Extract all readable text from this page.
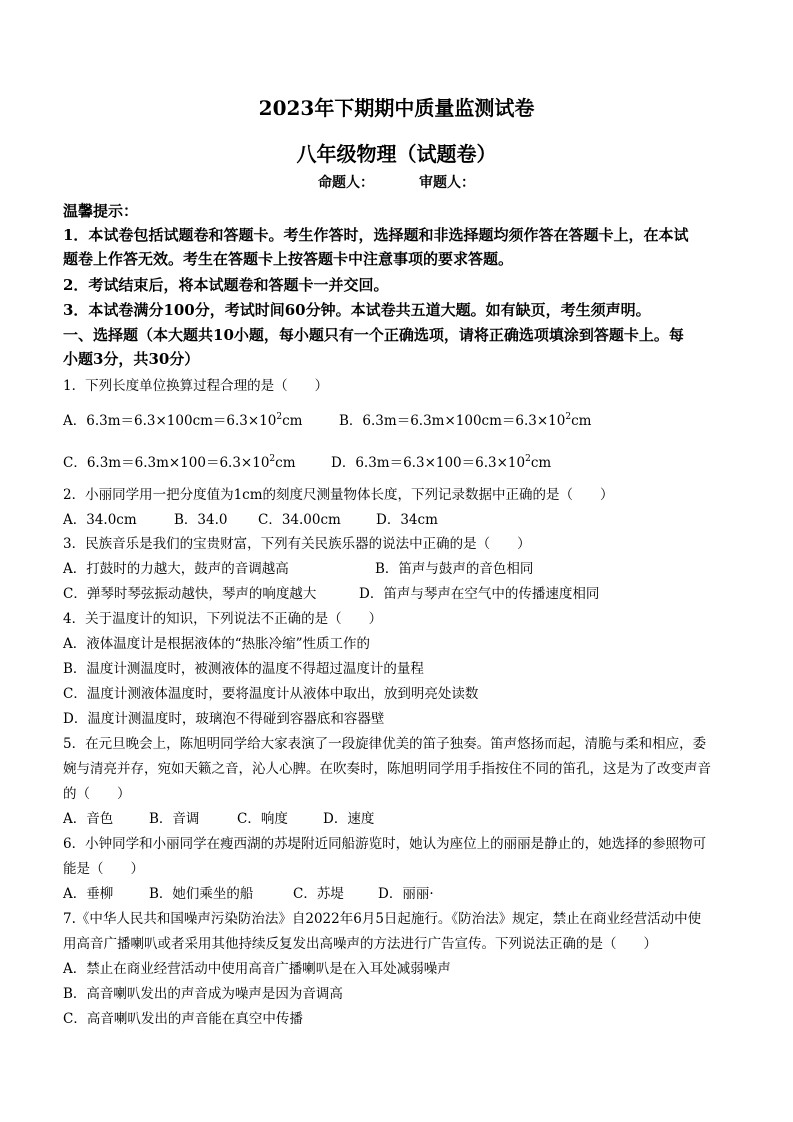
2023年下期期中质量监测试卷
八年级物理（试题卷）
命题人：	审题人：
温馨提示：
1．本试卷包括试题卷和答题卡。考生作答时，选择题和非选择题均须作答在答题卡上，在本试
题卷上作答无效。考生在答题卡上按答题卡中注意事项的要求答题。
2．考试结束后，将本试题卷和答题卡一并交回。
3．本试卷满分100分，考试时间60分钟。本试卷共五道大题。如有缺页，考生须声明。
一、选择题（本大题共10小题，每小题只有一个正确选项，请将正确选项填涂到答题卡上。每
小题3分，共30分）
1．下列长度单位换算过程合理的是（　　）
A．$6.3m=6.3\times 100cm=6.3\times 10^2cm$	B．$6.3m=6.3m\times 100cm=6.3\times 10^2cm$
C．$6.3m=6.3m\times 100=6.3\times 10^2cm$	D．$6.3m=6.3\times 100=6.3\times 10^2cm$
2．小丽同学用一把分度值为1cm的刻度尺测量物体长度，下列记录数据中正确的是（　　）
A．34.0cm	B．34.0 C．34.00cm	D．34cm
3．民族音乐是我们的宝贵财富，下列有关民族乐器的说法中正确的是（　　）
A．打鼓时的力越大，鼓声的音调越高	B．笛声与鼓声的音色相同
C．弹琴时琴弦振动越快，琴声的响度越大	D．笛声与琴声在空气中的传播速度相同
4．关于温度计的知识，下列说法不正确的是（　　）
A．液体温度计是根据液体的“热胀冷缩”性质工作的
B．温度计测温度时，被测液体的温度不得超过温度计的量程
C．温度计测液体温度时，要将温度计从液体中取出，放到明亮处读数
D．温度计测温度时，玻璃泡不得碰到容器底和容器壁
5．在元旦晚会上，陈旭明同学给大家表演了一段旋律优美的笛子独奏。笛声悠扬而起，清脆与柔和相应，委
婉与清亮并存，宛如天籁之音，沁人心脾。在吹奏时，陈旭明同学用手指按住不同的笛孔，这是为了改变声音
的（　　）
A．音色	B．音调	C．响度	D．速度
6．小钟同学和小丽同学在瘦西湖的苏堤附近同船游览时，她认为座位上的丽丽是静止的，她选择的参照物可
能是（　　）
A．垂柳	B．她们乘坐的船	C．苏堤	D．丽丽·
7.《中华人民共和国噪声污染防治法》自2022年6月5日起施行。《防治法》规定，禁止在商业经营活动中使
用高音广播喇叭或者采用其他持续反复发出高噪声的方法进行广告宣传。下列说法正确的是（　　）
A．禁止在商业经营活动中使用高音广播喇叭是在入耳处减弱噪声
B．高音喇叭发出的声音成为噪声是因为音调高
C．高音喇叭发出的声音能在真空中传播
